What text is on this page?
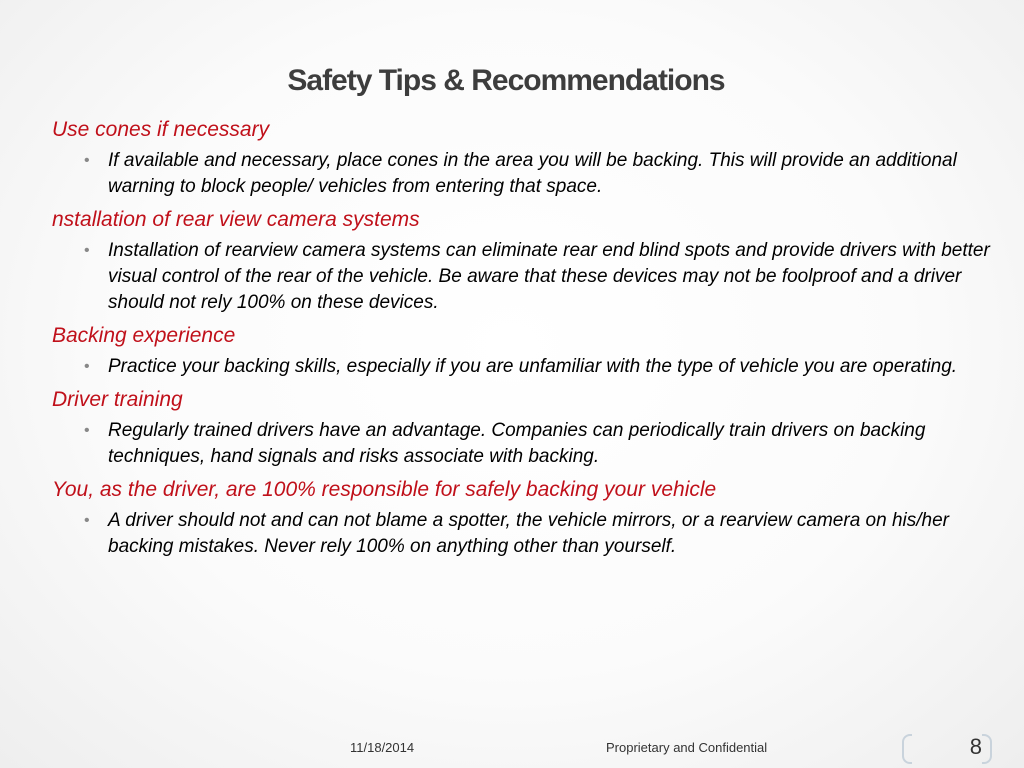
Safety Tips & Recommendations
Use cones if necessary
• If available and necessary, place cones in the area you will be backing. This will provide an additional warning to block people/ vehicles from entering that space.
nstallation of rear view camera systems
• Installation of rearview camera systems can eliminate rear end blind spots and provide drivers with better visual control of the rear of the vehicle. Be aware that these devices may not be foolproof and a driver should not rely 100% on these devices.
Backing experience
• Practice your backing skills, especially if you are unfamiliar with the type of vehicle you are operating.
Driver training
• Regularly trained drivers have an advantage. Companies can periodically train drivers on backing techniques, hand signals and risks associate with backing.
You, as the driver, are 100% responsible for safely backing your vehicle
• A driver should not and can not blame a spotter, the vehicle mirrors, or a rearview camera on his/her backing mistakes. Never rely 100% on anything other than yourself.
11/18/2014	Proprietary and Confidential	8
